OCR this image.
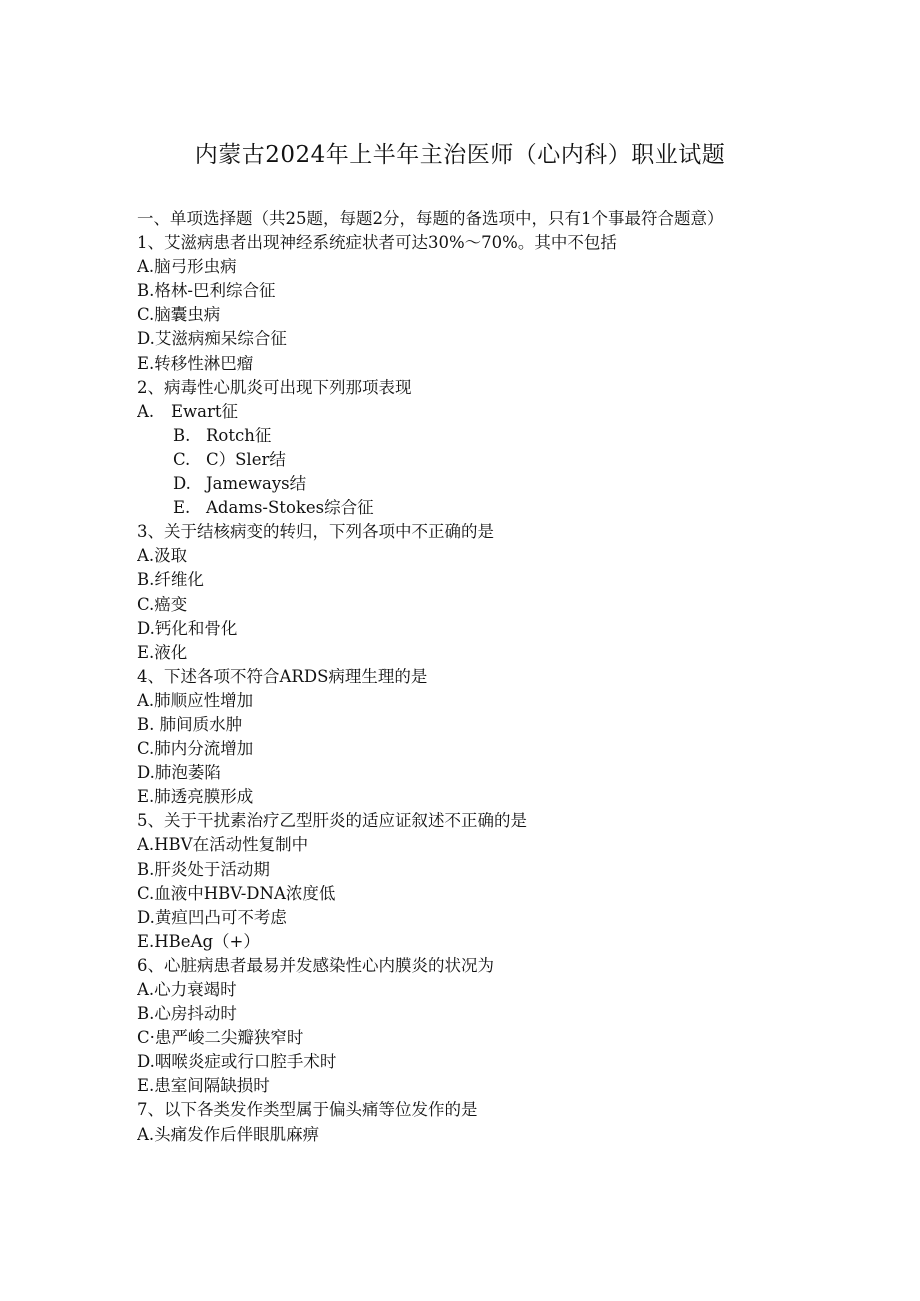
内蒙古2024年上半年主治医师（心内科）职业试题
一、单项选择题（共25题，每题2分，每题的备选项中，只有1个事最符合题意）
1、艾滋病患者出现神经系统症状者可达30%～70%。其中不包括
A.脑弓形虫病
B.格林-巴利综合征
C.脑囊虫病
D.艾滋病痴呆综合征
E.转移性淋巴瘤
2、病毒性心肌炎可出现下列那项表现
A. Ewart征
B. Rotch征
C. C）Sler结
D. Jameways结
E. Adams-Stokes综合征
3、关于结核病变的转归，下列各项中不正确的是
A.汲取
B.纤维化
C.癌变
D.钙化和骨化
E.液化
4、下述各项不符合ARDS病理生理的是
A.肺顺应性增加
B. 肺间质水肿
C.肺内分流增加
D.肺泡萎陷
E.肺透亮膜形成
5、关于干扰素治疗乙型肝炎的适应证叙述不正确的是
A.HBV在活动性复制中
B.肝炎处于活动期
C.血液中HBV-DNA浓度低
D.黄疸凹凸可不考虑
E.HBeAg（+）
6、心脏病患者最易并发感染性心内膜炎的状况为
A.心力衰竭时
B.心房抖动时
C·患严峻二尖瓣狭窄时
D.咽喉炎症或行口腔手术时
E.患室间隔缺损时
7、以下各类发作类型属于偏头痛等位发作的是
A.头痛发作后伴眼肌麻痹
